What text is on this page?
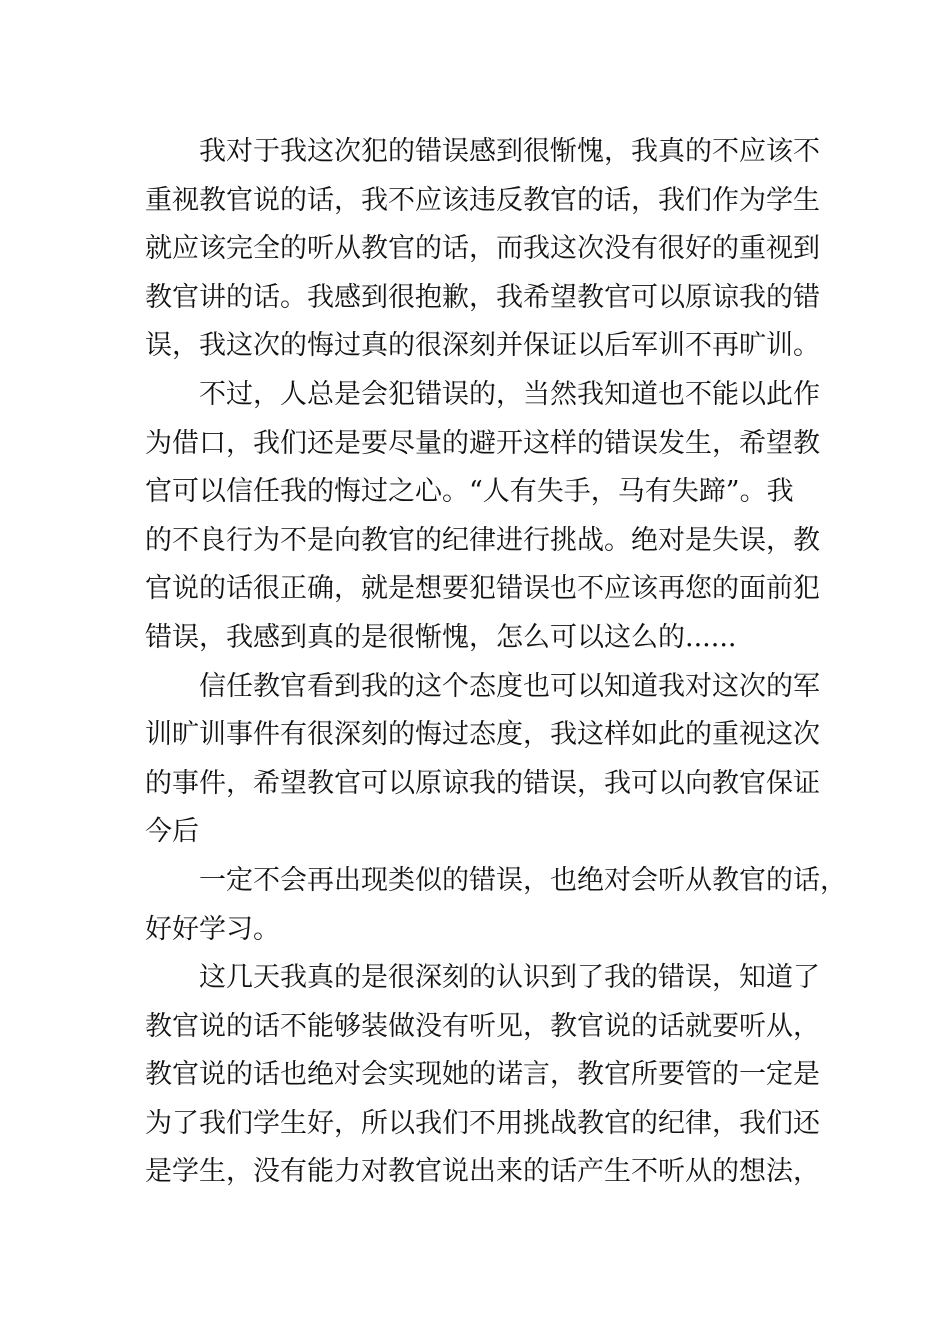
我对于我这次犯的错误感到很惭愧，我真的不应该不
重视教官说的话，我不应该违反教官的话，我们作为学生
就应该完全的听从教官的话，而我这次没有很好的重视到
教官讲的话。我感到很抱歉，我希望教官可以原谅我的错
误，我这次的悔过真的很深刻并保证以后军训不再旷训。

不过，人总是会犯错误的，当然我知道也不能以此作
为借口，我们还是要尽量的避开这样的错误发生，希望教
官可以信任我的悔过之心。“人有失手，马有失蹄”。我
的不良行为不是向教官的纪律进行挑战。绝对是失误，教
官说的话很正确，就是想要犯错误也不应该再您的面前犯
错误，我感到真的是很惭愧，怎么可以这么的......

信任教官看到我的这个态度也可以知道我对这次的军
训旷训事件有很深刻的悔过态度，我这样如此的重视这次
的事件，希望教官可以原谅我的错误，我可以向教官保证
今后

一定不会再出现类似的错误，也绝对会听从教官的话，
好好学习。

这几天我真的是很深刻的认识到了我的错误，知道了
教官说的话不能够装做没有听见，教官说的话就要听从，
教官说的话也绝对会实现她的诺言，教官所要管的一定是
为了我们学生好，所以我们不用挑战教官的纪律，我们还
是学生，没有能力对教官说出来的话产生不听从的想法，
